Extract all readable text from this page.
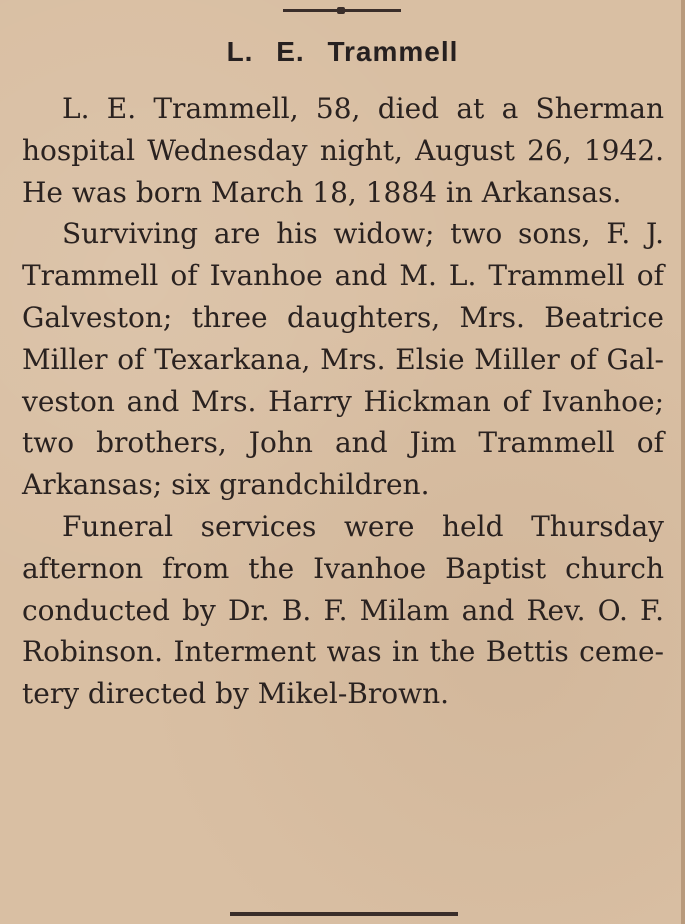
L. E. Trammell

L. E. Trammell, 58, died at a Sherman hospital Wednesday night, August 26, 1942. He was born March 18, 1884 in Arkansas.

Surviving are his widow; two sons, F. J. Trammell of Ivanhoe and M. L. Trammell of Galveston; three daughters, Mrs. Beatrice Miller of Texarkana, Mrs. Elsie Miller of Galveston and Mrs. Harry Hickman of Ivanhoe; two brothers, John and Jim Trammell of Arkansas; six grandchildren.

Funeral services were held Thursday afternon from the Ivanhoe Baptist church conducted by Dr. B. F. Milam and Rev. O. F. Robinson. Interment was in the Bettis cemetery directed by Mikel-Brown.
